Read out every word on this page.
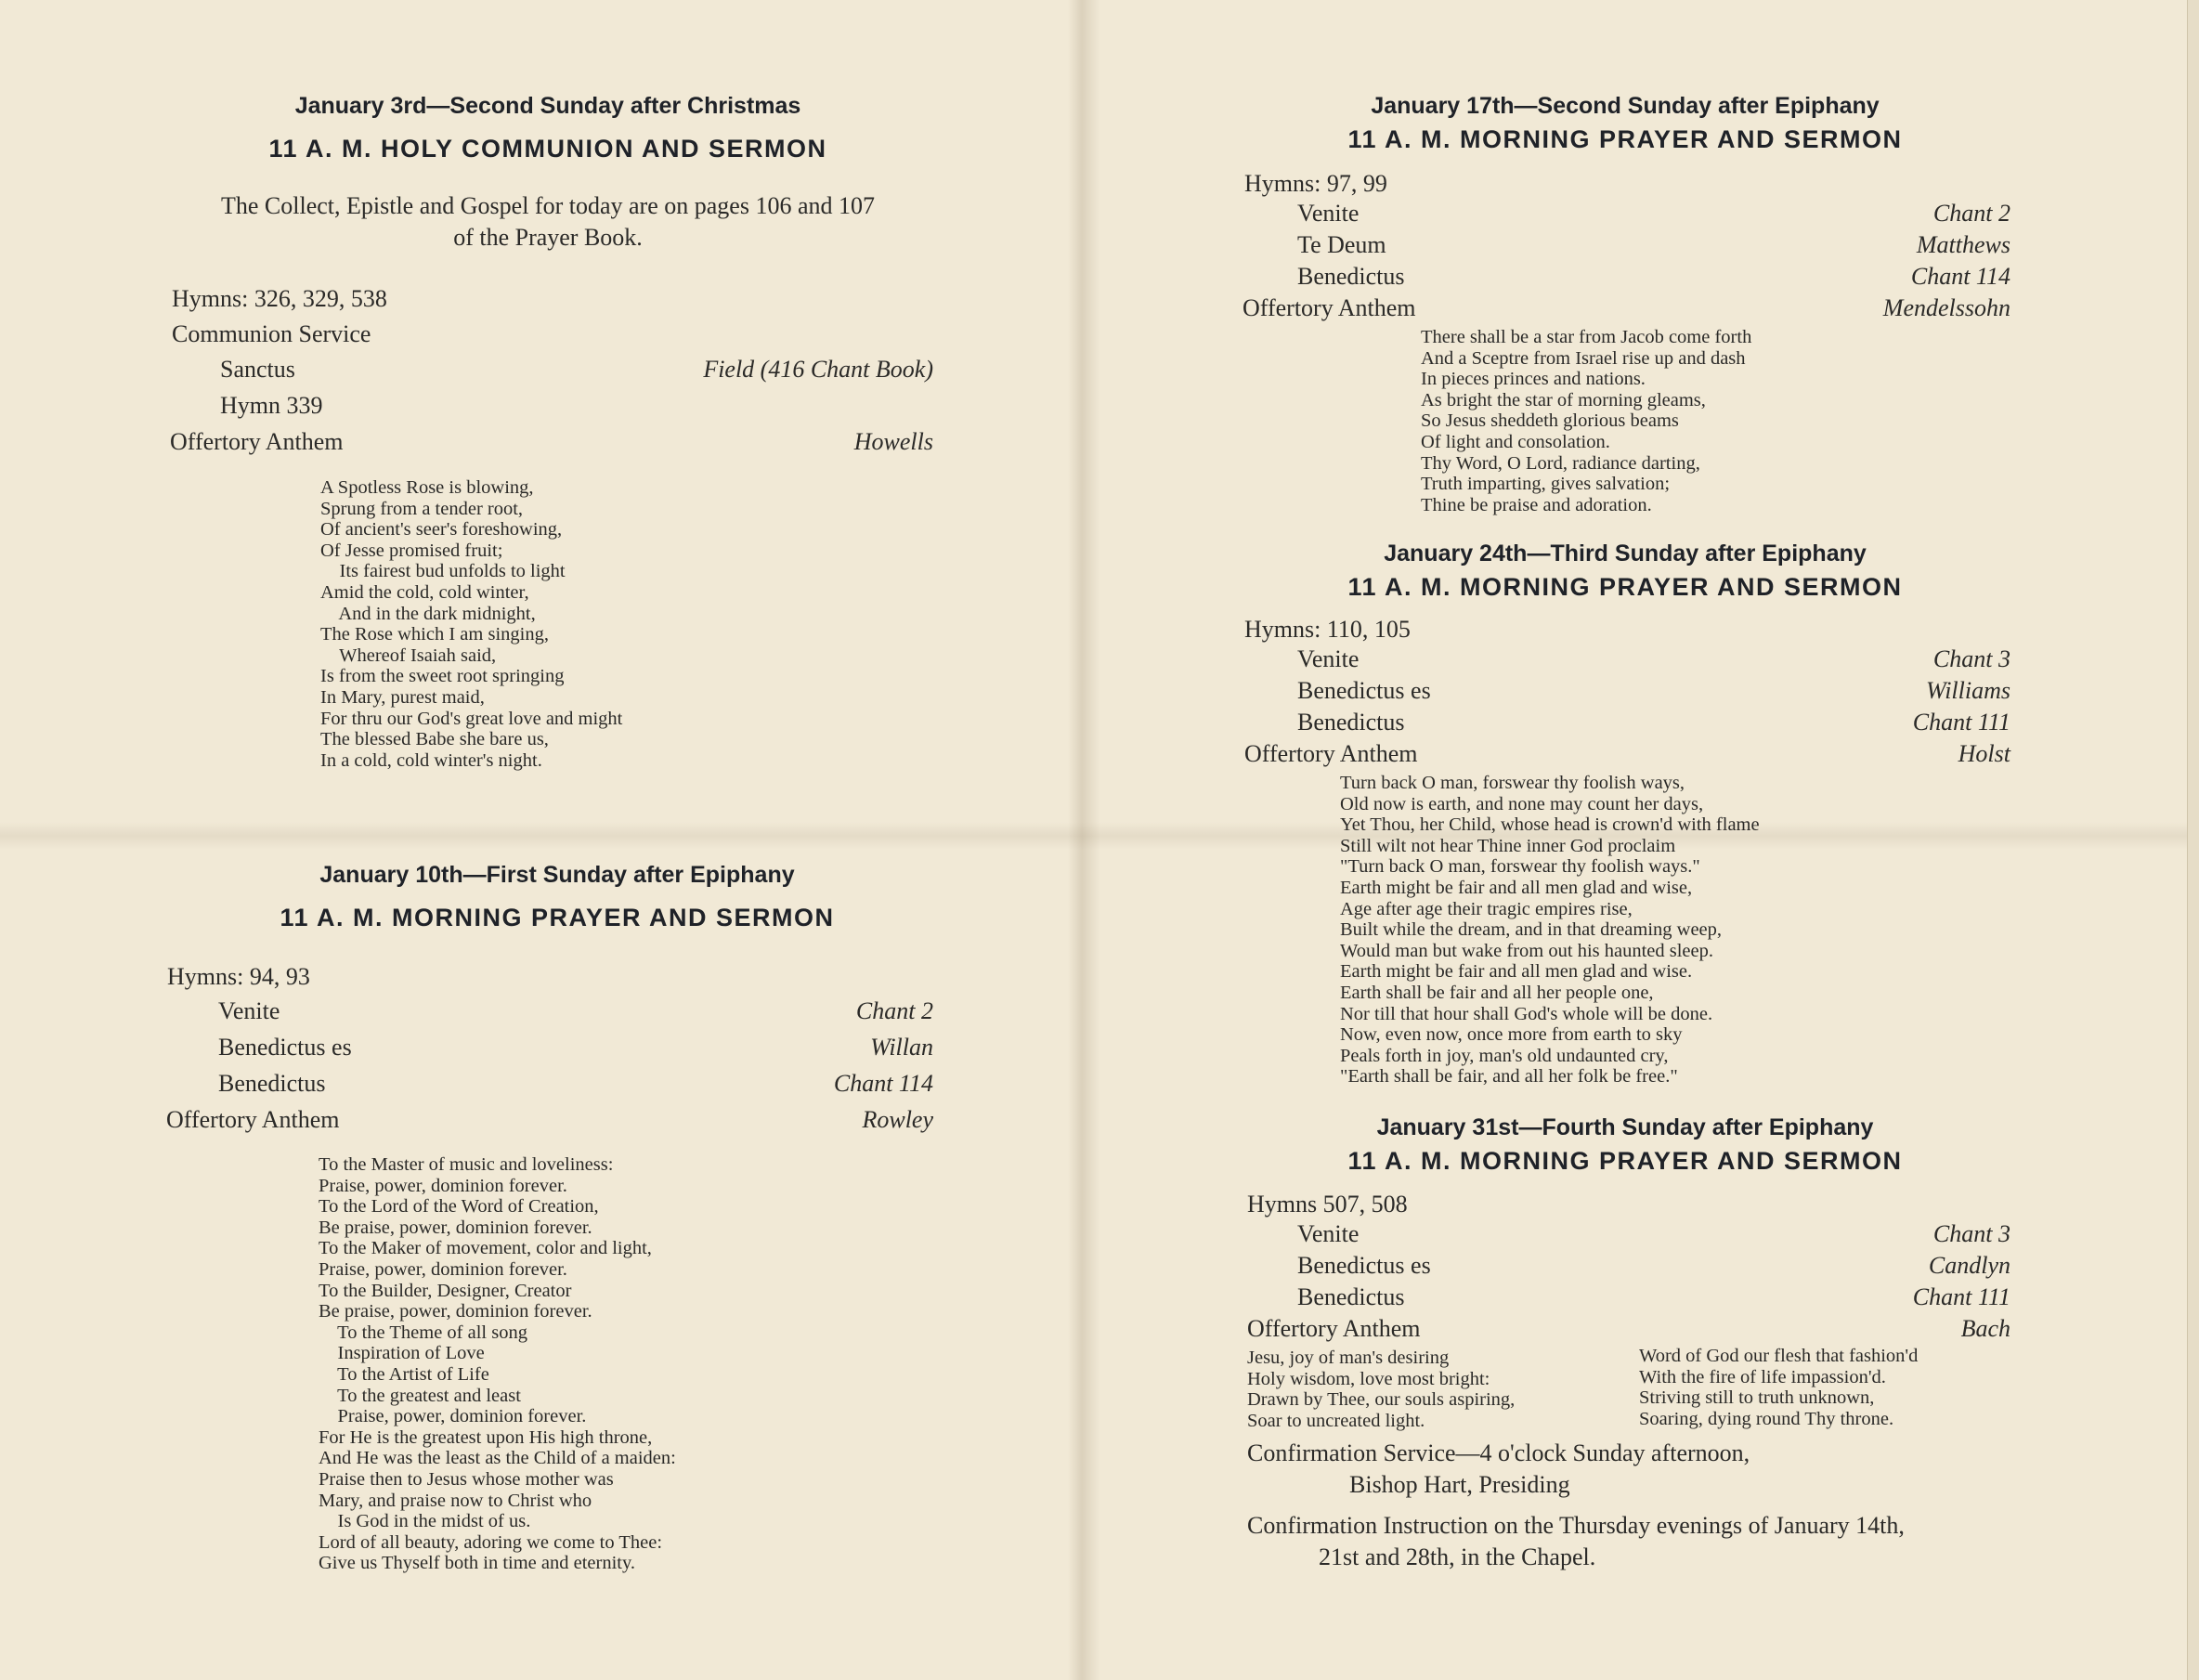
January 3rd—Second Sunday after Christmas
11 A. M. HOLY COMMUNION AND SERMON

The Collect, Epistle and Gospel for today are on pages 106 and 107

of the Prayer Book.

Hymns: 326, 329, 538

Communion Service

Sanctus	Field (416 Chant Book)
Hymn 339
Offertory Anthem	Howells
A Spotless Rose is blowing,
Sprung from a tender root,
Of ancient's seer's foreshowing,
Of Jesse promised fruit;
Its fairest bud unfolds to light
Amid the cold, cold winter,
And in the dark midnight,
The Rose which I am singing,
Whereof Isaiah said,
Is from the sweet root springing
In Mary, purest maid,
For thru our God's great love and might
The blessed Babe she bare us,
In a cold, cold winter's night.
January 10th—First Sunday after Epiphany
11 A. M. MORNING PRAYER AND SERMON

Hymns: 94, 93

Venite	Chant 2
Benedictus es	Willan
Benedictus	Chant 114
Offertory Anthem	Rowley
To the Master of music and loveliness:
Praise, power, dominion forever.
To the Lord of the Word of Creation,
Be praise, power, dominion forever.
To the Maker of movement, color and light,
Praise, power, dominion forever.
To the Builder, Designer, Creator
Be praise, power, dominion forever.
To the Theme of all song
Inspiration of Love
To the Artist of Life
To the greatest and least
Praise, power, dominion forever.
For He is the greatest upon His high throne,
And He was the least as the Child of a maiden:
Praise then to Jesus whose mother was
Mary, and praise now to Christ who
Is God in the midst of us.
Lord of all beauty, adoring we come to Thee:
Give us Thyself both in time and eternity.
January 17th—Second Sunday after Epiphany
11 A. M. MORNING PRAYER AND SERMON

Hymns: 97, 99

Venite	Chant 2
Te Deum	Matthews
Benedictus	Chant 114
Offertory Anthem	Mendelssohn
There shall be a star from Jacob come forth
And a Sceptre from Israel rise up and dash
In pieces princes and nations.
As bright the star of morning gleams,
So Jesus sheddeth glorious beams
Of light and consolation.
Thy Word, O Lord, radiance darting,
Truth imparting, gives salvation;
Thine be praise and adoration.
January 24th—Third Sunday after Epiphany
11 A. M. MORNING PRAYER AND SERMON

Hymns: 110, 105

Venite	Chant 3
Benedictus es	Williams
Benedictus	Chant 111
Offertory Anthem	Holst
Turn back O man, forswear thy foolish ways,
Old now is earth, and none may count her days,
Yet Thou, her Child, whose head is crown'd with flame
Still wilt not hear Thine inner God proclaim
"Turn back O man, forswear thy foolish ways."
Earth might be fair and all men glad and wise,
Age after age their tragic empires rise,
Built while the dream, and in that dreaming weep,
Would man but wake from out his haunted sleep.
Earth might be fair and all men glad and wise.
Earth shall be fair and all her people one,
Nor till that hour shall God's whole will be done.
Now, even now, once more from earth to sky
Peals forth in joy, man's old undaunted cry,
"Earth shall be fair, and all her folk be free."
January 31st—Fourth Sunday after Epiphany
11 A. M. MORNING PRAYER AND SERMON

Hymns 507, 508

Venite	Chant 3
Benedictus es	Candlyn
Benedictus	Chant 111
Offertory Anthem	Bach
Jesu, joy of man's desiring
Holy wisdom, love most bright:
Drawn by Thee, our souls aspiring,
Soar to uncreated light.
Word of God our flesh that fashion'd
With the fire of life impassion'd.
Striving still to truth unknown,
Soaring, dying round Thy throne.

Confirmation Service—4 o'clock Sunday afternoon,

Bishop Hart, Presiding

Confirmation Instruction on the Thursday evenings of January 14th,

21st and 28th, in the Chapel.
